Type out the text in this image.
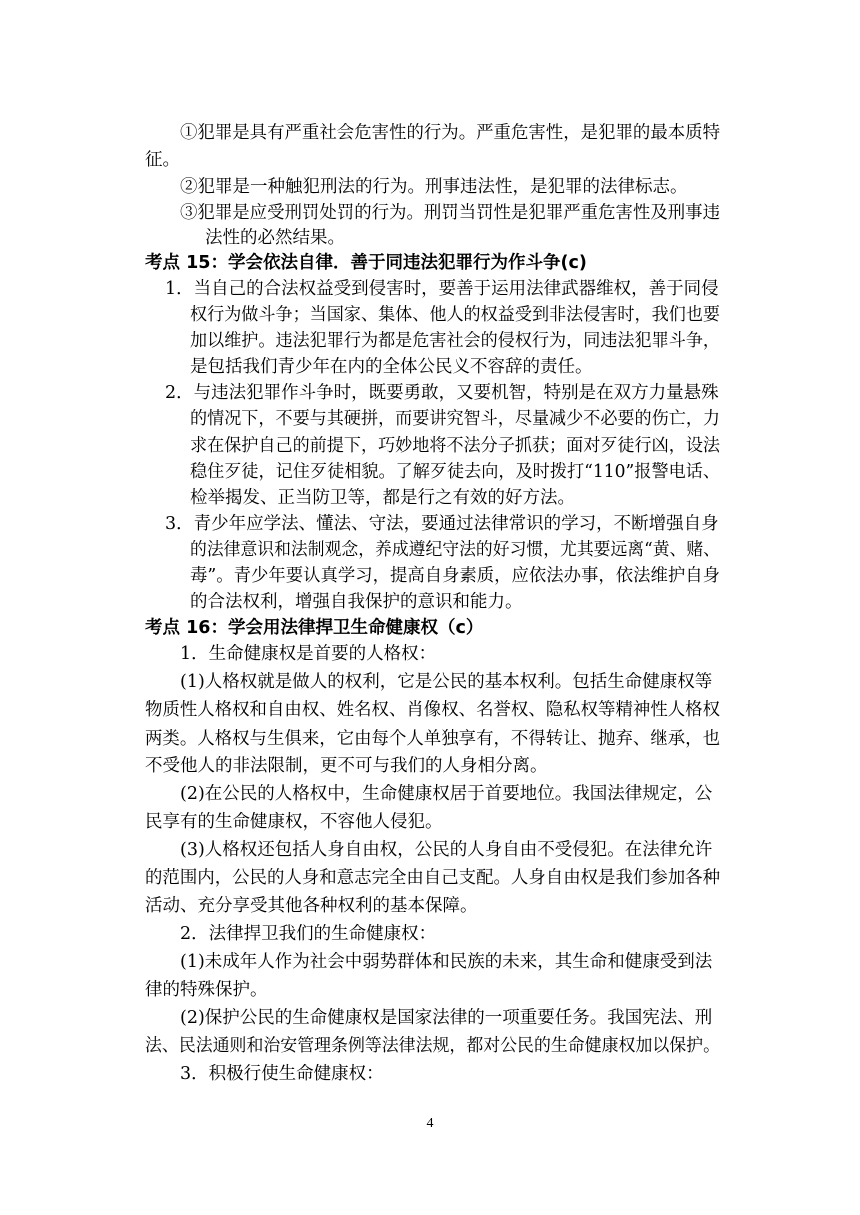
①犯罪是具有严重社会危害性的行为。严重危害性，是犯罪的最本质特
征。
②犯罪是一种触犯刑法的行为。刑事违法性，是犯罪的法律标志。
③犯罪是应受刑罚处罚的行为。刑罚当罚性是犯罪严重危害性及刑事违
法性的必然结果。
考点 15：学会依法自律．善于同违法犯罪行为作斗争(c)
1．当自己的合法权益受到侵害时，要善于运用法律武器维权，善于同侵
权行为做斗争；当国家、集体、他人的权益受到非法侵害时，我们也要
加以维护。违法犯罪行为都是危害社会的侵权行为，同违法犯罪斗争，
是包括我们青少年在内的全体公民义不容辞的责任。
2．与违法犯罪作斗争时，既要勇敢，又要机智，特别是在双方力量悬殊
的情况下，不要与其硬拼，而要讲究智斗，尽量减少不必要的伤亡，力
求在保护自己的前提下，巧妙地将不法分子抓获；面对歹徒行凶，设法
稳住歹徒，记住歹徒相貌。了解歹徒去向，及时拨打“110”报警电话、
检举揭发、正当防卫等，都是行之有效的好方法。
3．青少年应学法、懂法、守法，要通过法律常识的学习，不断增强自身
的法律意识和法制观念，养成遵纪守法的好习惯，尤其要远离“黄、赌、
毒”。青少年要认真学习，提高自身素质，应依法办事，依法维护自身
的合法权利，增强自我保护的意识和能力。
考点 16：学会用法律捍卫生命健康权（c）
1．生命健康权是首要的人格权：
(1)人格权就是做人的权利，它是公民的基本权利。包括生命健康权等
物质性人格权和自由权、姓名权、肖像权、名誉权、隐私权等精神性人格权
两类。人格权与生俱来，它由每个人单独享有，不得转让、抛弃、继承，也
不受他人的非法限制，更不可与我们的人身相分离。
(2)在公民的人格权中，生命健康权居于首要地位。我国法律规定，公
民享有的生命健康权，不容他人侵犯。
(3)人格权还包括人身自由权，公民的人身自由不受侵犯。在法律允许
的范围内，公民的人身和意志完全由自己支配。人身自由权是我们参加各种
活动、充分享受其他各种权利的基本保障。
2．法律捍卫我们的生命健康权：
(1)未成年人作为社会中弱势群体和民族的未来，其生命和健康受到法
律的特殊保护。
(2)保护公民的生命健康权是国家法律的一项重要任务。我国宪法、刑
法、民法通则和治安管理条例等法律法规，都对公民的生命健康权加以保护。
3．积极行使生命健康权：
4
